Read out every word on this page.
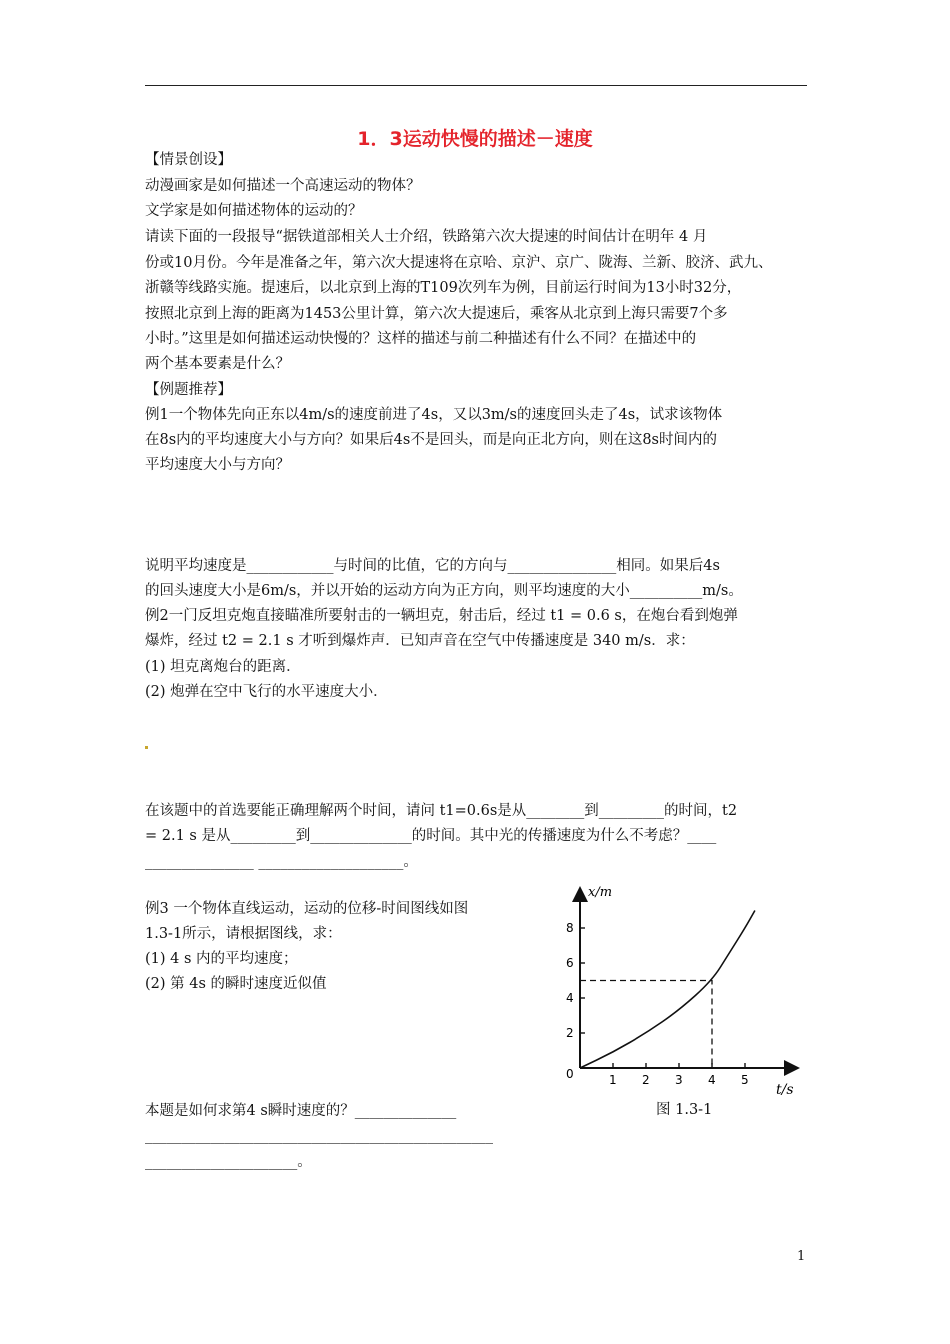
1．3运动快慢的描述－速度
【情景创设】
动漫画家是如何描述一个高速运动的物体？
文学家是如何描述物体的运动的？
请读下面的一段报导“据铁道部相关人士介绍，铁路第六次大提速的时间估计在明年 4 月
份或10月份。今年是准备之年，第六次大提速将在京哈、京沪、京广、陇海、兰新、胶济、武九、
浙赣等线路实施。提速后，以北京到上海的T109次列车为例，目前运行时间为13小时32分，
按照北京到上海的距离为1453公里计算，第六次大提速后，乘客从北京到上海只需要7个多
小时。”这里是如何描述运动快慢的？这样的描述与前二种描述有什么不同？在描述中的
两个基本要素是什么？
【例题推荐】
例1一个物体先向正东以4m/s的速度前进了4s，又以3m/s的速度回头走了4s，试求该物体
在8s内的平均速度大小与方向？如果后4s不是回头，而是向正北方向，则在这8s时间内的
平均速度大小与方向？
说明平均速度是____________与时间的比值，它的方向与_______________相同。如果后4s
的回头速度大小是6m/s，并以开始的运动方向为正方向，则平均速度的大小__________m/s。
例2一门反坦克炮直接瞄准所要射击的一辆坦克，射击后，经过 t1 = 0.6 s，在炮台看到炮弹
爆炸，经过 t2 = 2.1 s 才听到爆炸声．已知声音在空气中传播速度是 340 m/s．求：
(1) 坦克离炮台的距离．
(2) 炮弹在空中飞行的水平速度大小．
在该题中的首选要能正确理解两个时间，请问 t1=0.6s是从________到_________的时间，t2
= 2.1 s 是从_________到______________的时间。其中光的传播速度为什么不考虑？____
_______________ ____________________。
例3 一个物体直线运动，运动的位移-时间图线如图
1.3-1所示，请根据图线，求：
(1) 4 s 内的平均速度；
(2) 第 4s 的瞬时速度近似值
本题是如何求第4 s瞬时速度的？______________
________________________________________________
_____________________。
1 2 3 4 5
2
4
6
8
x/m
t/s
0
图 1.3-1
1
